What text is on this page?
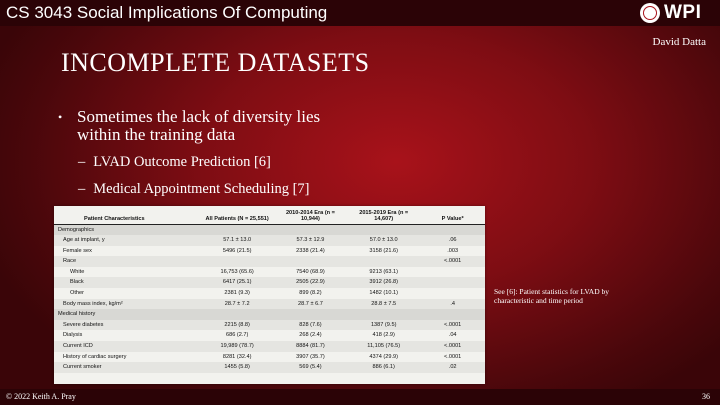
CS 3043 Social Implications Of Computing	WPI
David Datta
INCOMPLETE DATASETS
• Sometimes the lack of diversity lies within the training data
– LVAD Outcome Prediction [6]
– Medical Appointment Scheduling [7]
Patient Characteristics	All Patients (N = 25,551)	2010-2014 Era (n = 10,944)	2015-2019 Era (n = 14,607)	P Value*
Demographics				
Age at implant, y	57.1 ± 13.0	57.3 ± 12.9	57.0 ± 13.0	.06
Female sex	5496 (21.5)	2338 (21.4)	3158 (21.6)	.003
Race				<.0001
White	16,753 (65.6)	7540 (68.9)	9213 (63.1)	
Black	6417 (25.1)	2505 (22.9)	3912 (26.8)	
Other	2381 (9.3)	899 (8.2)	1482 (10.1)	
Body mass index, kg/m²	28.7 ± 7.2	28.7 ± 6.7	28.8 ± 7.5	.4
Medical history				
Severe diabetes	2215 (8.8)	828 (7.6)	1387 (9.5)	<.0001
Dialysis	686 (2.7)	268 (2.4)	418 (2.9)	.04
Current ICD	19,989 (78.7)	8884 (81.7)	11,105 (76.5)	<.0001
History of cardiac surgery	8281 (32.4)	3907 (35.7)	4374 (29.9)	<.0001
Current smoker	1455 (5.8)	569 (5.4)	886 (6.1)	.02
See [6]: Patient statistics for LVAD by characteristic and time period
© 2022 Keith A. Pray	36
